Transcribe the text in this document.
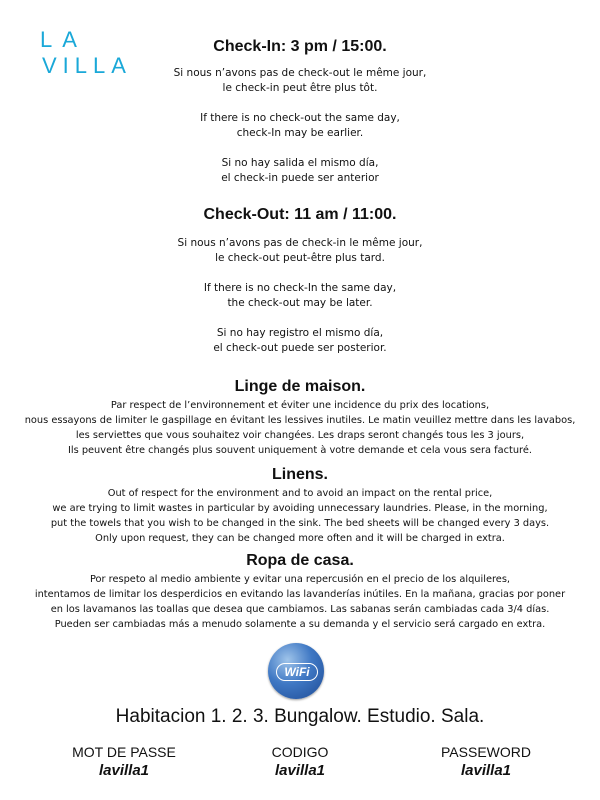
LA
VILLA
Check-In: 3 pm / 15:00.

Si nous n’avons pas de check-out le même jour,

le check-in peut être plus tôt.

If there is no check-out the same day,

check-In may be earlier.

Si no hay salida el mismo día,

el check-in puede ser anterior

Check-Out: 11 am / 11:00.

Si nous n’avons pas de check-in le même jour,

le check-out peut-être plus tard.

If there is no check-In the same day,

the check-out may be later.

Si no hay registro el mismo día,

el check-out puede ser posterior.

Linge de maison.
Par respect de l’environnement et éviter une incidence du prix des locations,
nous essayons de limiter le gaspillage en évitant les lessives inutiles. Le matin veuillez mettre dans les lavabos,
les serviettes que vous souhaitez voir changées. Les draps seront changés tous les 3 jours,
Ils peuvent être changés plus souvent uniquement à votre demande et cela vous sera facturé.
Linens.
Out of respect for the environment and to avoid an impact on the rental price,
we are trying to limit wastes in particular by avoiding unnecessary laundries. Please, in the morning,
put the towels that you wish to be changed in the sink. The bed sheets will be changed every 3 days.
Only upon request, they can be changed more often and it will be charged in extra.
Ropa de casa.
Por respeto al medio ambiente y evitar una repercusión en el precio de los alquileres,
intentamos de limitar los desperdicios en evitando las lavanderías inútiles. En la mañana, gracias por poner
en los lavamanos las toallas que desea que cambiamos. Las sabanas serán cambiadas cada 3/4 días.
Pueden ser cambiadas más a menudo solamente a su demanda y el servicio será cargado en extra.
WiFi
Habitacion 1. 2. 3. Bungalow. Estudio. Sala.
MOT DE PASSE
lavilla1
CODIGO
lavilla1
PASSEWORD
lavilla1
